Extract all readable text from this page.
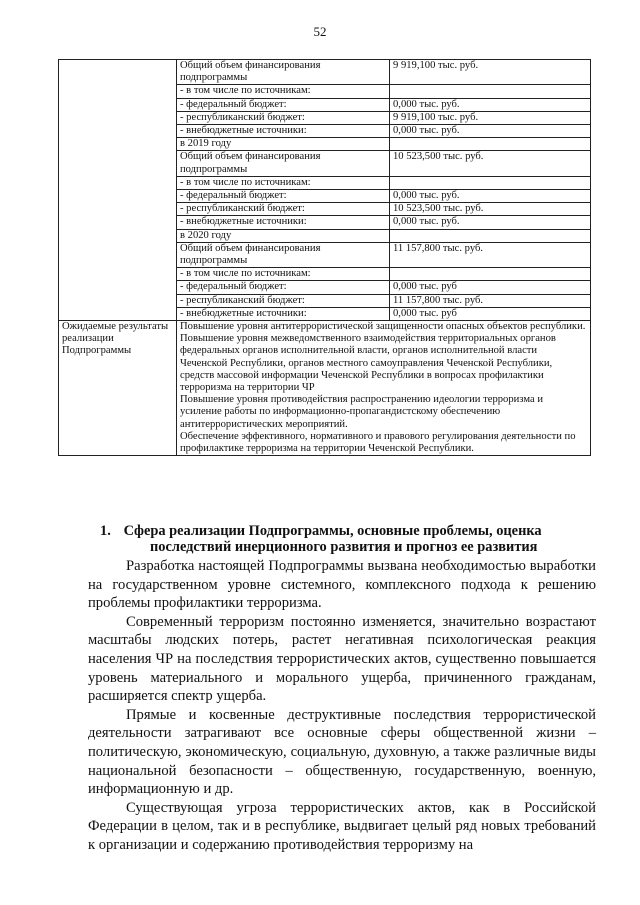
52
	Общий объем финансирования подпрограммы	9 919,100 тыс. руб.
	- в том числе по источникам:	
	- федеральный бюджет:	0,000 тыс. руб.
	- республиканский бюджет:	9 919,100 тыс. руб.
	- внебюджетные источники:	0,000 тыс. руб.
	в 2019 году	
	Общий объем финансирования подпрограммы	10 523,500 тыс. руб.
	- в том числе по источникам:	
	- федеральный бюджет:	0,000 тыс. руб.
	- республиканский бюджет:	10 523,500 тыс. руб.
	- внебюджетные источники:	0,000 тыс. руб.
	в 2020 году	
	Общий объем финансирования подпрограммы	11 157,800 тыс. руб.
	- в том числе по источникам:	
	- федеральный бюджет:	0,000 тыс. руб
	- республиканский бюджет:	11 157,800 тыс. руб.
	- внебюджетные источники:	0,000 тыс. руб
Ожидаемые результаты реализации Подпрограммы	Повышение уровня антитеррористической защищенности опасных объектов республики.
Повышение уровня межведомственного взаимодействия территориальных органов федеральных органов исполнительной власти, органов исполнительной власти Чеченской Республики, органов местного самоуправления Чеченской Республики, средств массовой информации Чеченской Республики в вопросах профилактики терроризма на территории ЧР
Повышение уровня противодействия распространению идеологии терроризма и усиление работы по информационно-пропагандистскому обеспечению антитеррористических мероприятий.
Обеспечение эффективного, нормативного и правового регулирования деятельности по профилактике терроризма на территории Чеченской Республики.	
1. Сфера реализации Подпрограммы, основные проблемы, оценка
последствий инерционного развития и прогноз ее развития

Разработка настоящей Подпрограммы вызвана необходимостью выработки на государственном уровне системного, комплексного подхода к решению проблемы профилактики терроризма.

Современный терроризм постоянно изменяется, значительно возрастают масштабы людских потерь, растет негативная психологическая реакция населения ЧР на последствия террористических актов, существенно повышается уровень материального и морального ущерба, причиненного гражданам, расширяется спектр ущерба.

Прямые и косвенные деструктивные последствия террористической деятельности затрагивают все основные сферы общественной жизни – политическую, экономическую, социальную, духовную, а также различные виды национальной безопасности – общественную, государственную, военную, информационную и др.

Существующая угроза террористических актов, как в Российской Федерации в целом, так и в республике, выдвигает целый ряд новых требований к организации и содержанию противодействия терроризму на
